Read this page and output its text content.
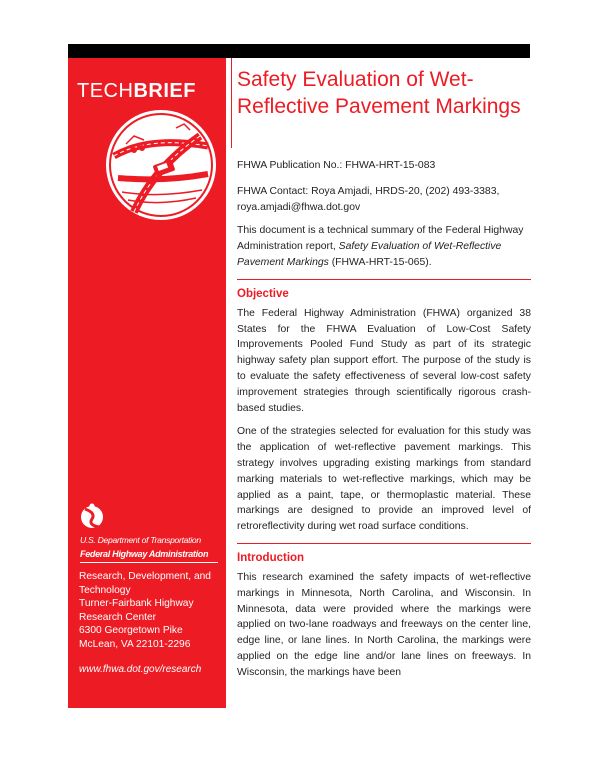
TECHBRIEF
U.S. Department of Transportation
Federal Highway Administration
Research, Development, and Technology
Turner-Fairbank Highway Research Center
6300 Georgetown Pike
McLean, VA 22101-2296
www.fhwa.dot.gov/research
Safety Evaluation of Wet-Reflective Pavement Markings

FHWA Publication No.: FHWA-HRT-15-083

FHWA Contact: Roya Amjadi, HRDS-20, (202) 493-3383,
roya.amjadi@fhwa.dot.gov

This document is a technical summary of the Federal Highway Administration report, Safety Evaluation of Wet-Reflective Pavement Markings (FHWA-HRT-15-065).

Objective

The Federal Highway Administration (FHWA) organized 38 States for the FHWA Evaluation of Low-Cost Safety Improvements Pooled Fund Study as part of its strategic highway safety plan support effort. The purpose of the study is to evaluate the safety effectiveness of several low-cost safety improvement strategies through scientifically rigorous crash-based studies.

One of the strategies selected for evaluation for this study was the application of wet-reflective pavement markings. This strategy involves upgrading existing markings from standard marking materials to wet-reflective markings, which may be applied as a paint, tape, or thermoplastic material. These markings are designed to provide an improved level of retroreflectivity during wet road surface conditions.

Introduction

This research examined the safety impacts of wet-reflective markings in Minnesota, North Carolina, and Wisconsin. In Minnesota, data were provided where the markings were applied on two-lane roadways and freeways on the center line, edge line, or lane lines. In North Carolina, the markings were applied on the edge line and/or lane lines on freeways. In Wisconsin, the markings have been
